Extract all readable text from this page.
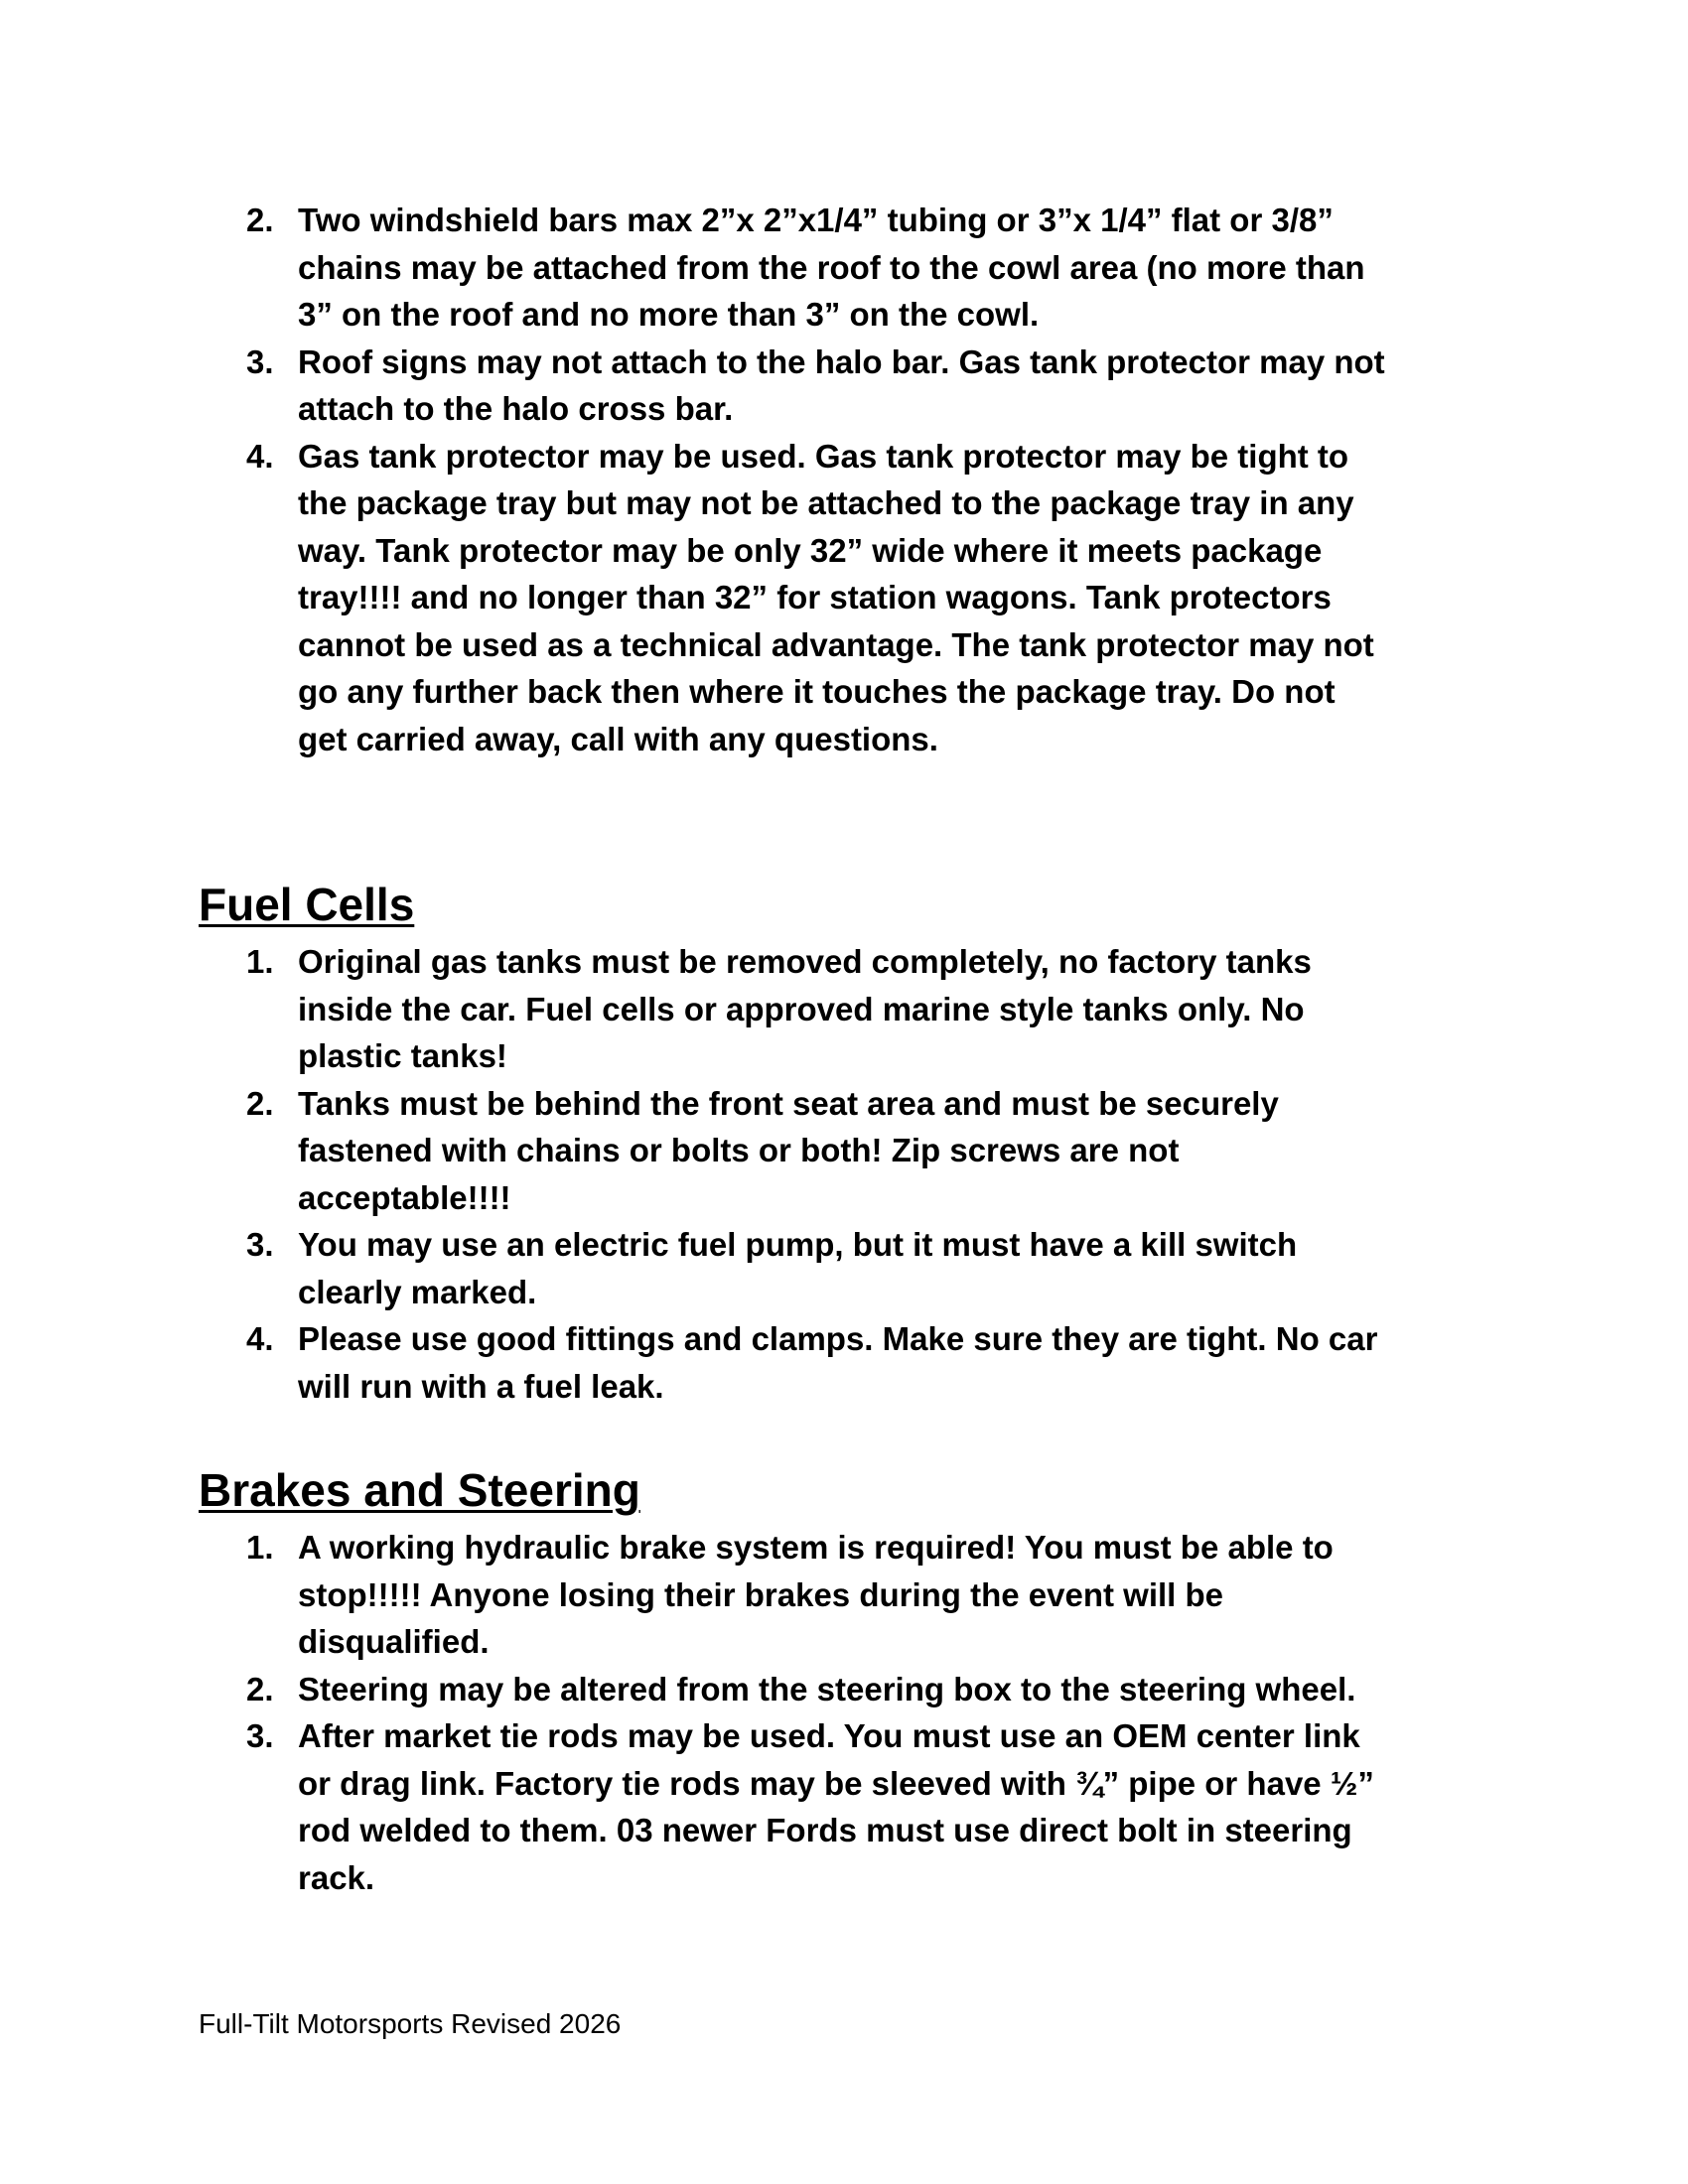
2. Two windshield bars max 2”x 2”x1/4” tubing or 3”x 1/4” flat or 3/8”
chains may be attached from the roof to the cowl area (no more than
3” on the roof and no more than 3” on the cowl.
3. Roof signs may not attach to the halo bar. Gas tank protector may not
attach to the halo cross bar.
4. Gas tank protector may be used. Gas tank protector may be tight to
the package tray but may not be attached to the package tray in any
way. Tank protector may be only 32” wide where it meets package
tray!!!! and no longer than 32” for station wagons. Tank protectors
cannot be used as a technical advantage. The tank protector may not
go any further back then where it touches the package tray. Do not
get carried away, call with any questions.
Fuel Cells
1. Original gas tanks must be removed completely, no factory tanks
inside the car. Fuel cells or approved marine style tanks only. No
plastic tanks!
2. Tanks must be behind the front seat area and must be securely
fastened with chains or bolts or both! Zip screws are not
acceptable!!!!
3. You may use an electric fuel pump, but it must have a kill switch
clearly marked.
4. Please use good fittings and clamps. Make sure they are tight. No car
will run with a fuel leak.
Brakes and Steering
1. A working hydraulic brake system is required! You must be able to
stop!!!!! Anyone losing their brakes during the event will be
disqualified.
2. Steering may be altered from the steering box to the steering wheel.
3. After market tie rods may be used. You must use an OEM center link
or drag link. Factory tie rods may be sleeved with ¾” pipe or have ½”
rod welded to them. 03 newer Fords must use direct bolt in steering
rack.
Full-Tilt Motorsports Revised 2026
